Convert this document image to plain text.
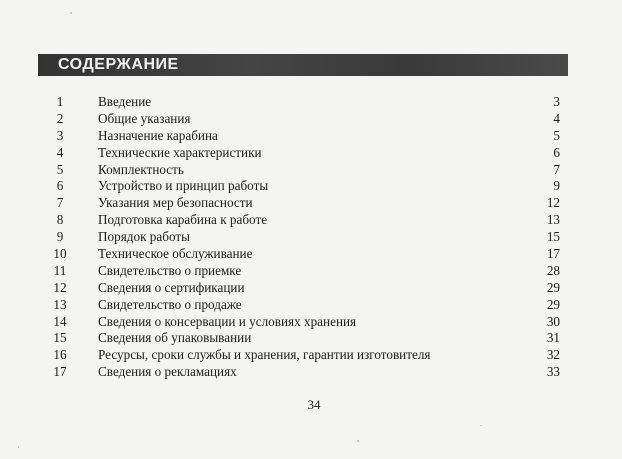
СОДЕРЖАНИЕ
1	Введение	3
2	Общие указания	4
3	Назначение карабина	5
4	Технические характеристики	6
5	Комплектность	7
6	Устройство и принцип работы	9
7	Указания мер безопасности	12
8	Подготовка карабина к работе	13
9	Порядок работы	15
10	Техническое обслуживание	17
11	Свидетельство о приемке	28
12	Сведения о сертификации	29
13	Свидетельство о продаже	29
14	Сведения о консервации и условиях хранения	30
15	Сведения об упаковывании	31
16	Ресурсы, сроки службы и хранения, гарантии изготовителя	32
17	Сведения о рекламациях	33
34
